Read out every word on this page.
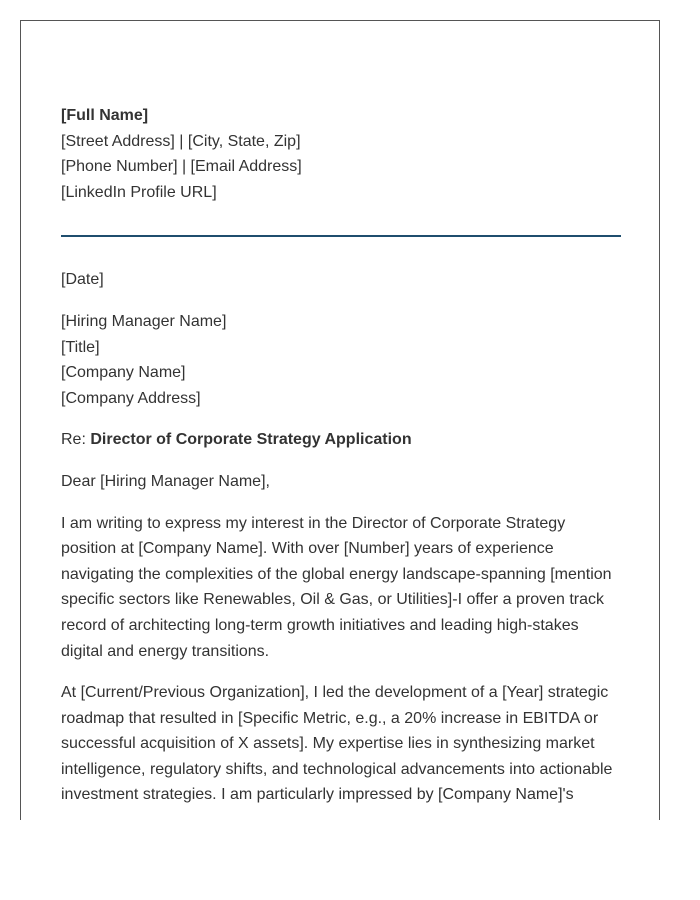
[Full Name]
[Street Address] | [City, State, Zip]
[Phone Number] | [Email Address]
[LinkedIn Profile URL]
[Date]
[Hiring Manager Name]
[Title]
[Company Name]
[Company Address]
Re: Director of Corporate Strategy Application
Dear [Hiring Manager Name],

I am writing to express my interest in the Director of Corporate Strategy position at [Company Name]. With over [Number] years of experience navigating the complexities of the global energy landscape-spanning [mention specific sectors like Renewables, Oil & Gas, or Utilities]-I offer a proven track record of architecting long-term growth initiatives and leading high-stakes digital and energy transitions.

At [Current/Previous Organization], I led the development of a [Year] strategic roadmap that resulted in [Specific Metric, e.g., a 20% increase in EBITDA or successful acquisition of X assets]. My expertise lies in synthesizing market intelligence, regulatory shifts, and technological advancements into actionable investment strategies. I am particularly impressed by [Company Name]'s
